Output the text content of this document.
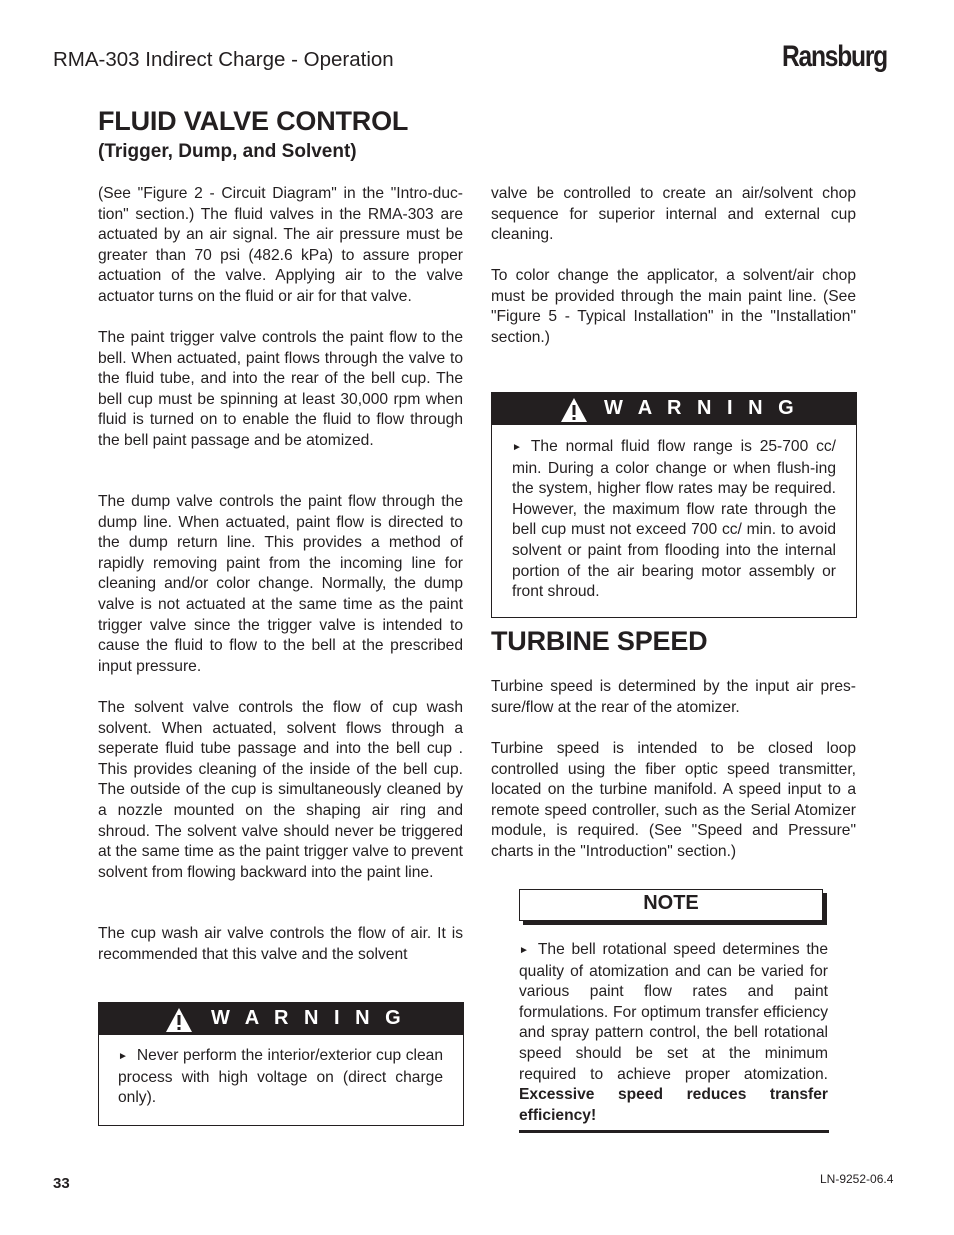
RMA-303 Indirect Charge - Operation	Ransburg
FLUID VALVE CONTROL
(Trigger, Dump, and Solvent)

(See "Figure 2 - Circuit Diagram" in the "Intro-duc-tion" section.) The fluid valves in the RMA-303 are actuated by an air signal. The air pressure must be greater than 70 psi (482.6 kPa) to assure proper actuation of the valve. Applying air to the valve actuator turns on the fluid or air for that valve.

The paint trigger valve controls the paint flow to the bell. When actuated, paint flows through the valve to the fluid tube, and into the rear of the bell cup. The bell cup must be spinning at least 30,000 rpm when fluid is turned on to enable the fluid to flow through the bell paint passage and be atomized.

The dump valve controls the paint flow through the dump line. When actuated, paint flow is directed to the dump return line. This provides a method of rapidly removing paint from the incoming line for cleaning and/or color change. Normally, the dump valve is not actuated at the same time as the paint trigger valve since the trigger valve is intended to cause the fluid to flow to the bell at the prescribed input pressure.

The solvent valve controls the flow of cup wash solvent. When actuated, solvent flows through a seperate fluid tube passage and into the bell cup . This provides cleaning of the inside of the bell cup. The outside of the cup is simultaneously cleaned by a nozzle mounted on the shaping air ring and shroud. The solvent valve should never be triggered at the same time as the paint trigger valve to prevent solvent from flowing backward into the paint line.

The cup wash air valve controls the flow of air. It is recommended that this valve and the solvent

W A R N I N G
► Never perform the interior/exterior cup clean process with high voltage on (direct charge only).

valve be controlled to create an air/solvent chop sequence for superior internal and external cup cleaning.

To color change the applicator, a solvent/air chop must be provided through the main paint line. (See "Figure 5 - Typical Installation" in the "Installation" section.)

W A R N I N G
► The normal fluid flow range is 25-700 cc/ min. During a color change or when flush-ing the system, higher flow rates may be required. However, the maximum flow rate through the bell cup must not exceed 700 cc/ min. to avoid solvent or paint from flooding into the internal portion of the air bearing motor assembly or front shroud.
TURBINE SPEED

Turbine speed is determined by the input air pres-sure/flow at the rear of the atomizer.

Turbine speed is intended to be closed loop controlled using the fiber optic speed transmitter, located on the turbine manifold. A speed input to a remote speed controller, such as the Serial Atomizer module, is required. (See "Speed and Pressure" charts in the "Introduction" section.)

NOTE
► The bell rotational speed determines the quality of atomization and can be varied for various paint flow rates and paint formulations. For optimum transfer efficiency and spray pattern control, the bell rotational speed should be set at the minimum required to achieve proper atomization. Excessive speed reduces transfer efficiency!
33	LN-9252-06.4
